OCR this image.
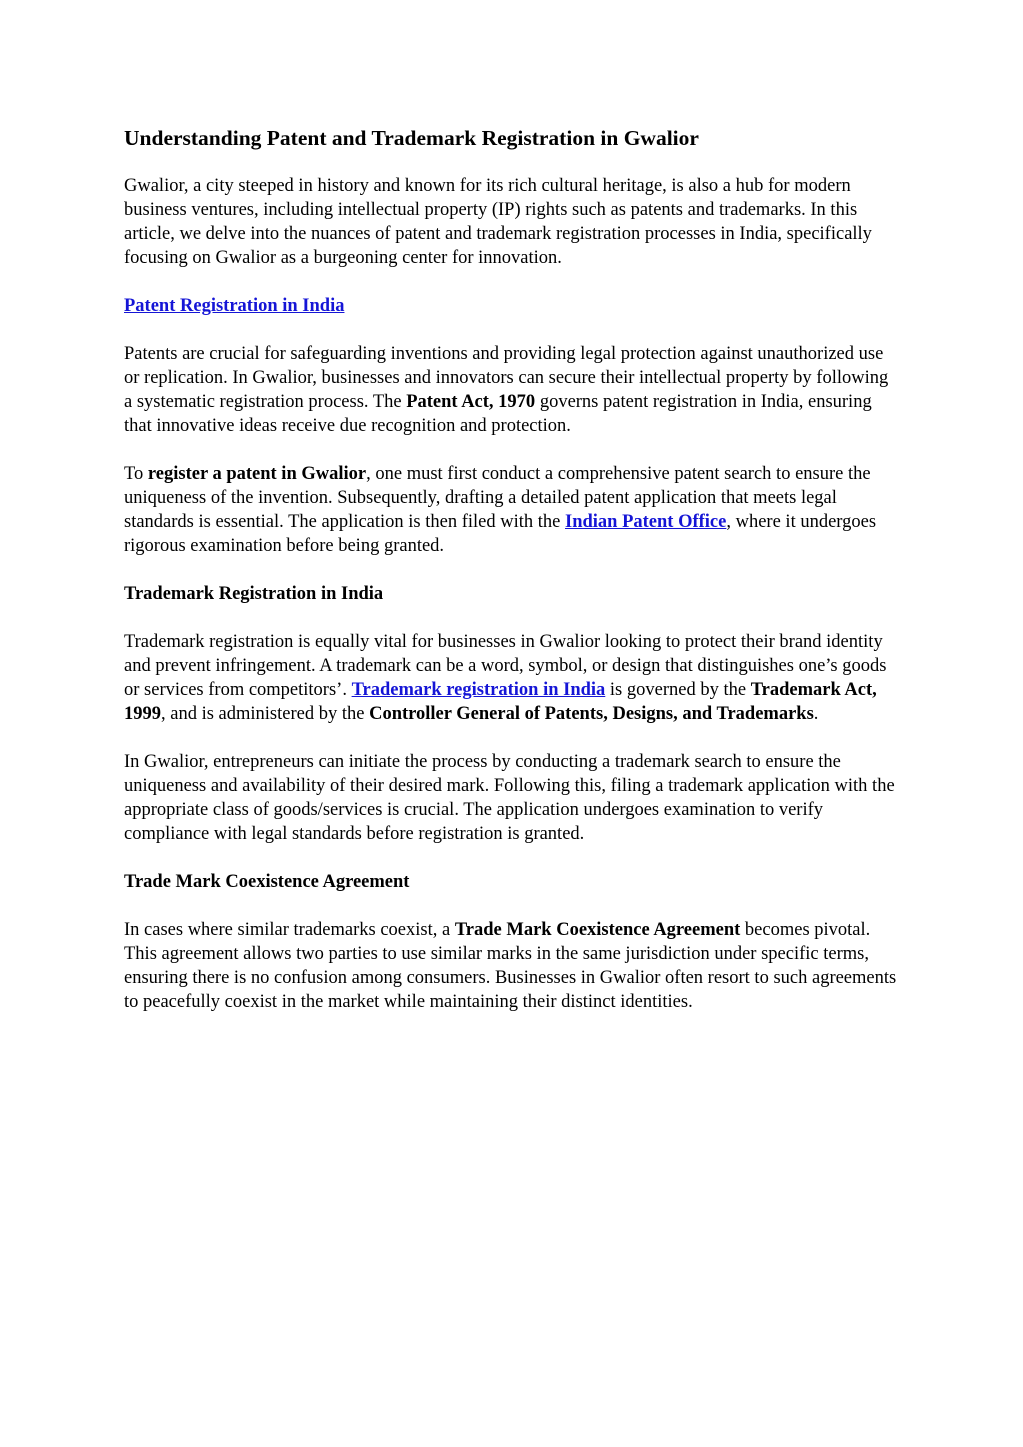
Understanding Patent and Trademark Registration in Gwalior

Gwalior, a city steeped in history and known for its rich cultural heritage, is also a hub for modern business ventures, including intellectual property (IP) rights such as patents and trademarks. In this article, we delve into the nuances of patent and trademark registration processes in India, specifically focusing on Gwalior as a burgeoning center for innovation.

Patent Registration in India

Patents are crucial for safeguarding inventions and providing legal protection against unauthorized use or replication. In Gwalior, businesses and innovators can secure their intellectual property by following a systematic registration process. The Patent Act, 1970 governs patent registration in India, ensuring that innovative ideas receive due recognition and protection.

To register a patent in Gwalior, one must first conduct a comprehensive patent search to ensure the uniqueness of the invention. Subsequently, drafting a detailed patent application that meets legal standards is essential. The application is then filed with the Indian Patent Office, where it undergoes rigorous examination before being granted.

Trademark Registration in India

Trademark registration is equally vital for businesses in Gwalior looking to protect their brand identity and prevent infringement. A trademark can be a word, symbol, or design that distinguishes one’s goods or services from competitors’. Trademark registration in India is governed by the Trademark Act, 1999, and is administered by the Controller General of Patents, Designs, and Trademarks.

In Gwalior, entrepreneurs can initiate the process by conducting a trademark search to ensure the uniqueness and availability of their desired mark. Following this, filing a trademark application with the appropriate class of goods/services is crucial. The application undergoes examination to verify compliance with legal standards before registration is granted.

Trade Mark Coexistence Agreement

In cases where similar trademarks coexist, a Trade Mark Coexistence Agreement becomes pivotal. This agreement allows two parties to use similar marks in the same jurisdiction under specific terms, ensuring there is no confusion among consumers. Businesses in Gwalior often resort to such agreements to peacefully coexist in the market while maintaining their distinct identities.
